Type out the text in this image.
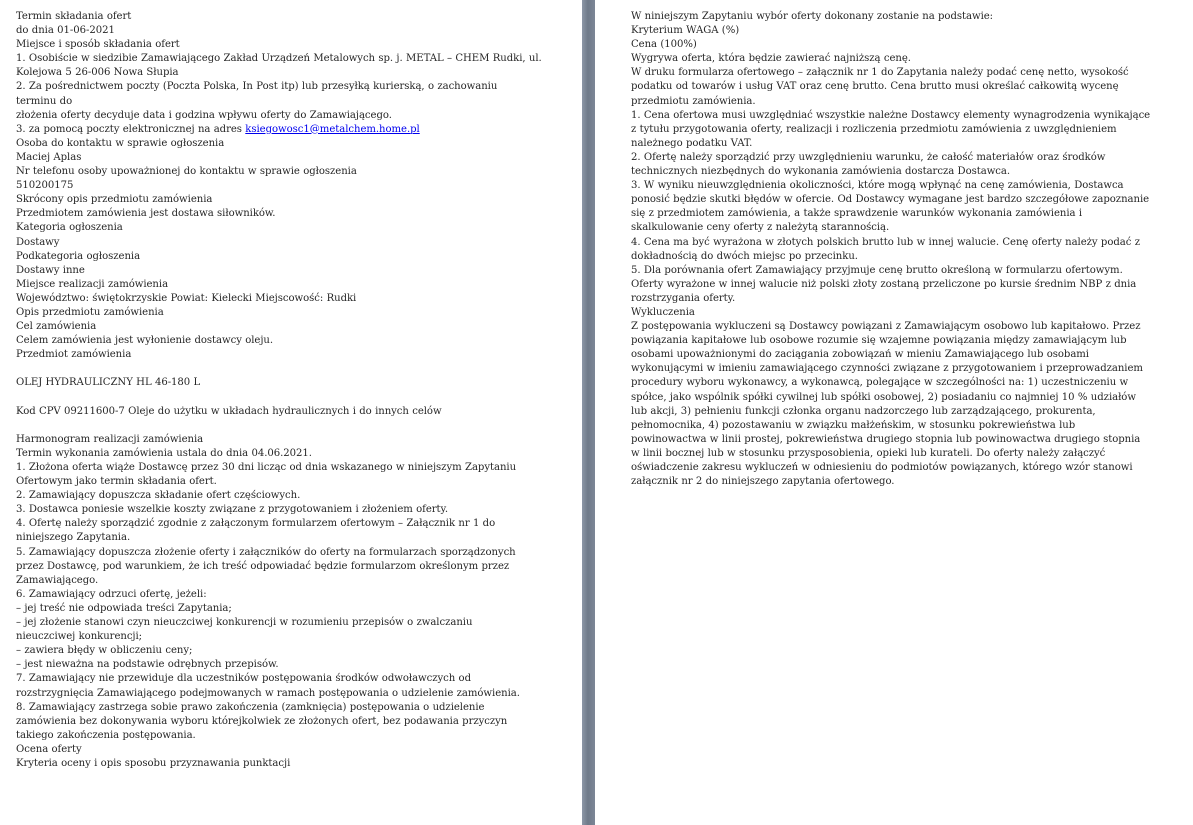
Termin składania ofert
do dnia 01-06-2021
Miejsce i sposób składania ofert
1. Osobiście w siedzibie Zamawiającego Zakład Urządzeń Metalowych sp. j. METAL – CHEM Rudki, ul.
Kolejowa 5 26-006 Nowa Słupia
2. Za pośrednictwem poczty (Poczta Polska, In Post itp) lub przesyłką kurierską, o zachowaniu
terminu do
złożenia oferty decyduje data i godzina wpływu oferty do Zamawiającego.
3. za pomocą poczty elektronicznej na adres ksiegowosc1@metalchem.home.pl
Osoba do kontaktu w sprawie ogłoszenia
Maciej Aplas
Nr telefonu osoby upoważnionej do kontaktu w sprawie ogłoszenia
510200175
Skrócony opis przedmiotu zamówienia
Przedmiotem zamówienia jest dostawa siłowników.
Kategoria ogłoszenia
Dostawy
Podkategoria ogłoszenia
Dostawy inne
Miejsce realizacji zamówienia
Województwo: świętokrzyskie Powiat: Kielecki Miejscowość: Rudki
Opis przedmiotu zamówienia
Cel zamówienia
Celem zamówienia jest wyłonienie dostawcy oleju.
Przedmiot zamówienia
OLEJ HYDRAULICZNY HL 46-180 L
Kod CPV 09211600-7 Oleje do użytku w układach hydraulicznych i do innych celów
Harmonogram realizacji zamówienia
Termin wykonania zamówienia ustala do dnia 04.06.2021.
1. Złożona oferta wiąże Dostawcę przez 30 dni licząc od dnia wskazanego w niniejszym Zapytaniu
Ofertowym jako termin składania ofert.
2. Zamawiający dopuszcza składanie ofert częściowych.
3. Dostawca poniesie wszelkie koszty związane z przygotowaniem i złożeniem oferty.
4. Ofertę należy sporządzić zgodnie z załączonym formularzem ofertowym – Załącznik nr 1 do
niniejszego Zapytania.
5. Zamawiający dopuszcza złożenie oferty i załączników do oferty na formularzach sporządzonych
przez Dostawcę, pod warunkiem, że ich treść odpowiadać będzie formularzom określonym przez
Zamawiającego.
6. Zamawiający odrzuci ofertę, jeżeli:
– jej treść nie odpowiada treści Zapytania;
– jej złożenie stanowi czyn nieuczciwej konkurencji w rozumieniu przepisów o zwalczaniu
nieuczciwej konkurencji;
– zawiera błędy w obliczeniu ceny;
– jest nieważna na podstawie odrębnych przepisów.
7. Zamawiający nie przewiduje dla uczestników postępowania środków odwoławczych od
rozstrzygnięcia Zamawiającego podejmowanych w ramach postępowania o udzielenie zamówienia.
8. Zamawiający zastrzega sobie prawo zakończenia (zamknięcia) postępowania o udzielenie
zamówienia bez dokonywania wyboru którejkolwiek ze złożonych ofert, bez podawania przyczyn
takiego zakończenia postępowania.
Ocena oferty
Kryteria oceny i opis sposobu przyznawania punktacji
W niniejszym Zapytaniu wybór oferty dokonany zostanie na podstawie:
Kryterium WAGA (%)
Cena (100%)
Wygrywa oferta, która będzie zawierać najniższą cenę.
W druku formularza ofertowego – załącznik nr 1 do Zapytania należy podać cenę netto, wysokość
podatku od towarów i usług VAT oraz cenę brutto. Cena brutto musi określać całkowitą wycenę
przedmiotu zamówienia.
1. Cena ofertowa musi uwzględniać wszystkie należne Dostawcy elementy wynagrodzenia wynikające
z tytułu przygotowania oferty, realizacji i rozliczenia przedmiotu zamówienia z uwzględnieniem
należnego podatku VAT.
2. Ofertę należy sporządzić przy uwzględnieniu warunku, że całość materiałów oraz środków
technicznych niezbędnych do wykonania zamówienia dostarcza Dostawca.
3. W wyniku nieuwzględnienia okoliczności, które mogą wpłynąć na cenę zamówienia, Dostawca
ponosić będzie skutki błędów w ofercie. Od Dostawcy wymagane jest bardzo szczegółowe zapoznanie
się z przedmiotem zamówienia, a także sprawdzenie warunków wykonania zamówienia i
skalkulowanie ceny oferty z należytą starannością.
4. Cena ma być wyrażona w złotych polskich brutto lub w innej walucie. Cenę oferty należy podać z
dokładnością do dwóch miejsc po przecinku.
5. Dla porównania ofert Zamawiający przyjmuje cenę brutto określoną w formularzu ofertowym.
Oferty wyrażone w innej walucie niż polski złoty zostaną przeliczone po kursie średnim NBP z dnia
rozstrzygania oferty.
Wykluczenia
Z postępowania wykluczeni są Dostawcy powiązani z Zamawiającym osobowo lub kapitałowo. Przez
powiązania kapitałowe lub osobowe rozumie się wzajemne powiązania między zamawiającym lub
osobami upoważnionymi do zaciągania zobowiązań w mieniu Zamawiającego lub osobami
wykonującymi w imieniu zamawiającego czynności związane z przygotowaniem i przeprowadzaniem
procedury wyboru wykonawcy, a wykonawcą, polegające w szczególności na: 1) uczestniczeniu w
spółce, jako wspólnik spółki cywilnej lub spółki osobowej, 2) posiadaniu co najmniej 10 % udziałów
lub akcji, 3) pełnieniu funkcji członka organu nadzorczego lub zarządzającego, prokurenta,
pełnomocnika, 4) pozostawaniu w związku małżeńskim, w stosunku pokrewieństwa lub
powinowactwa w linii prostej, pokrewieństwa drugiego stopnia lub powinowactwa drugiego stopnia
w linii bocznej lub w stosunku przysposobienia, opieki lub kurateli. Do oferty należy załączyć
oświadczenie zakresu wykluczeń w odniesieniu do podmiotów powiązanych, którego wzór stanowi
załącznik nr 2 do niniejszego zapytania ofertowego.
